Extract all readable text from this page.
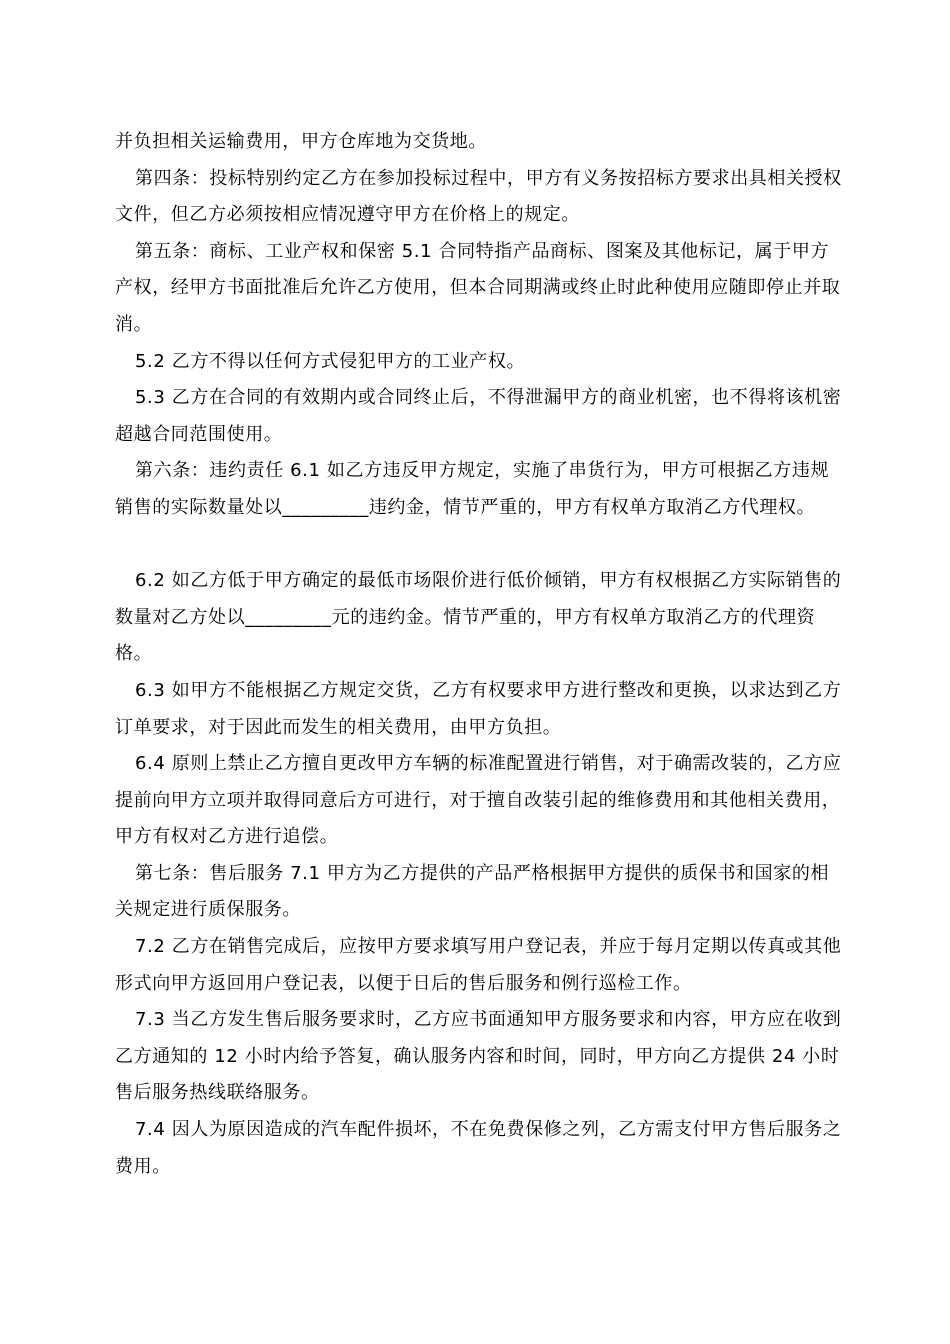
并负担相关运输费用，甲方仓库地为交货地。

第四条：投标特别约定乙方在参加投标过程中，甲方有义务按招标方要求出具相关授权文件，但乙方必须按相应情况遵守甲方在价格上的规定。

第五条：商标、工业产权和保密 5.1 合同特指产品商标、图案及其他标记，属于甲方产权，经甲方书面批准后允许乙方使用，但本合同期满或终止时此种使用应随即停止并取消。

5.2 乙方不得以任何方式侵犯甲方的工业产权。

5.3 乙方在合同的有效期内或合同终止后，不得泄漏甲方的商业机密，也不得将该机密超越合同范围使用。

第六条：违约责任 6.1 如乙方违反甲方规定，实施了串货行为，甲方可根据乙方违规销售的实际数量处以_________违约金，情节严重的，甲方有权单方取消乙方代理权。

6.2 如乙方低于甲方确定的最低市场限价进行低价倾销，甲方有权根据乙方实际销售的数量对乙方处以_________元的违约金。情节严重的，甲方有权单方取消乙方的代理资格。

6.3 如甲方不能根据乙方规定交货，乙方有权要求甲方进行整改和更换，以求达到乙方订单要求，对于因此而发生的相关费用，由甲方负担。

6.4 原则上禁止乙方擅自更改甲方车辆的标准配置进行销售，对于确需改装的，乙方应提前向甲方立项并取得同意后方可进行，对于擅自改装引起的维修费用和其他相关费用，甲方有权对乙方进行追偿。

第七条：售后服务 7.1 甲方为乙方提供的产品严格根据甲方提供的质保书和国家的相关规定进行质保服务。

7.2 乙方在销售完成后，应按甲方要求填写用户登记表，并应于每月定期以传真或其他形式向甲方返回用户登记表，以便于日后的售后服务和例行巡检工作。

7.3 当乙方发生售后服务要求时，乙方应书面通知甲方服务要求和内容，甲方应在收到乙方通知的 12 小时内给予答复，确认服务内容和时间，同时，甲方向乙方提供 24 小时售后服务热线联络服务。

7.4 因人为原因造成的汽车配件损坏，不在免费保修之列，乙方需支付甲方售后服务之费用。
